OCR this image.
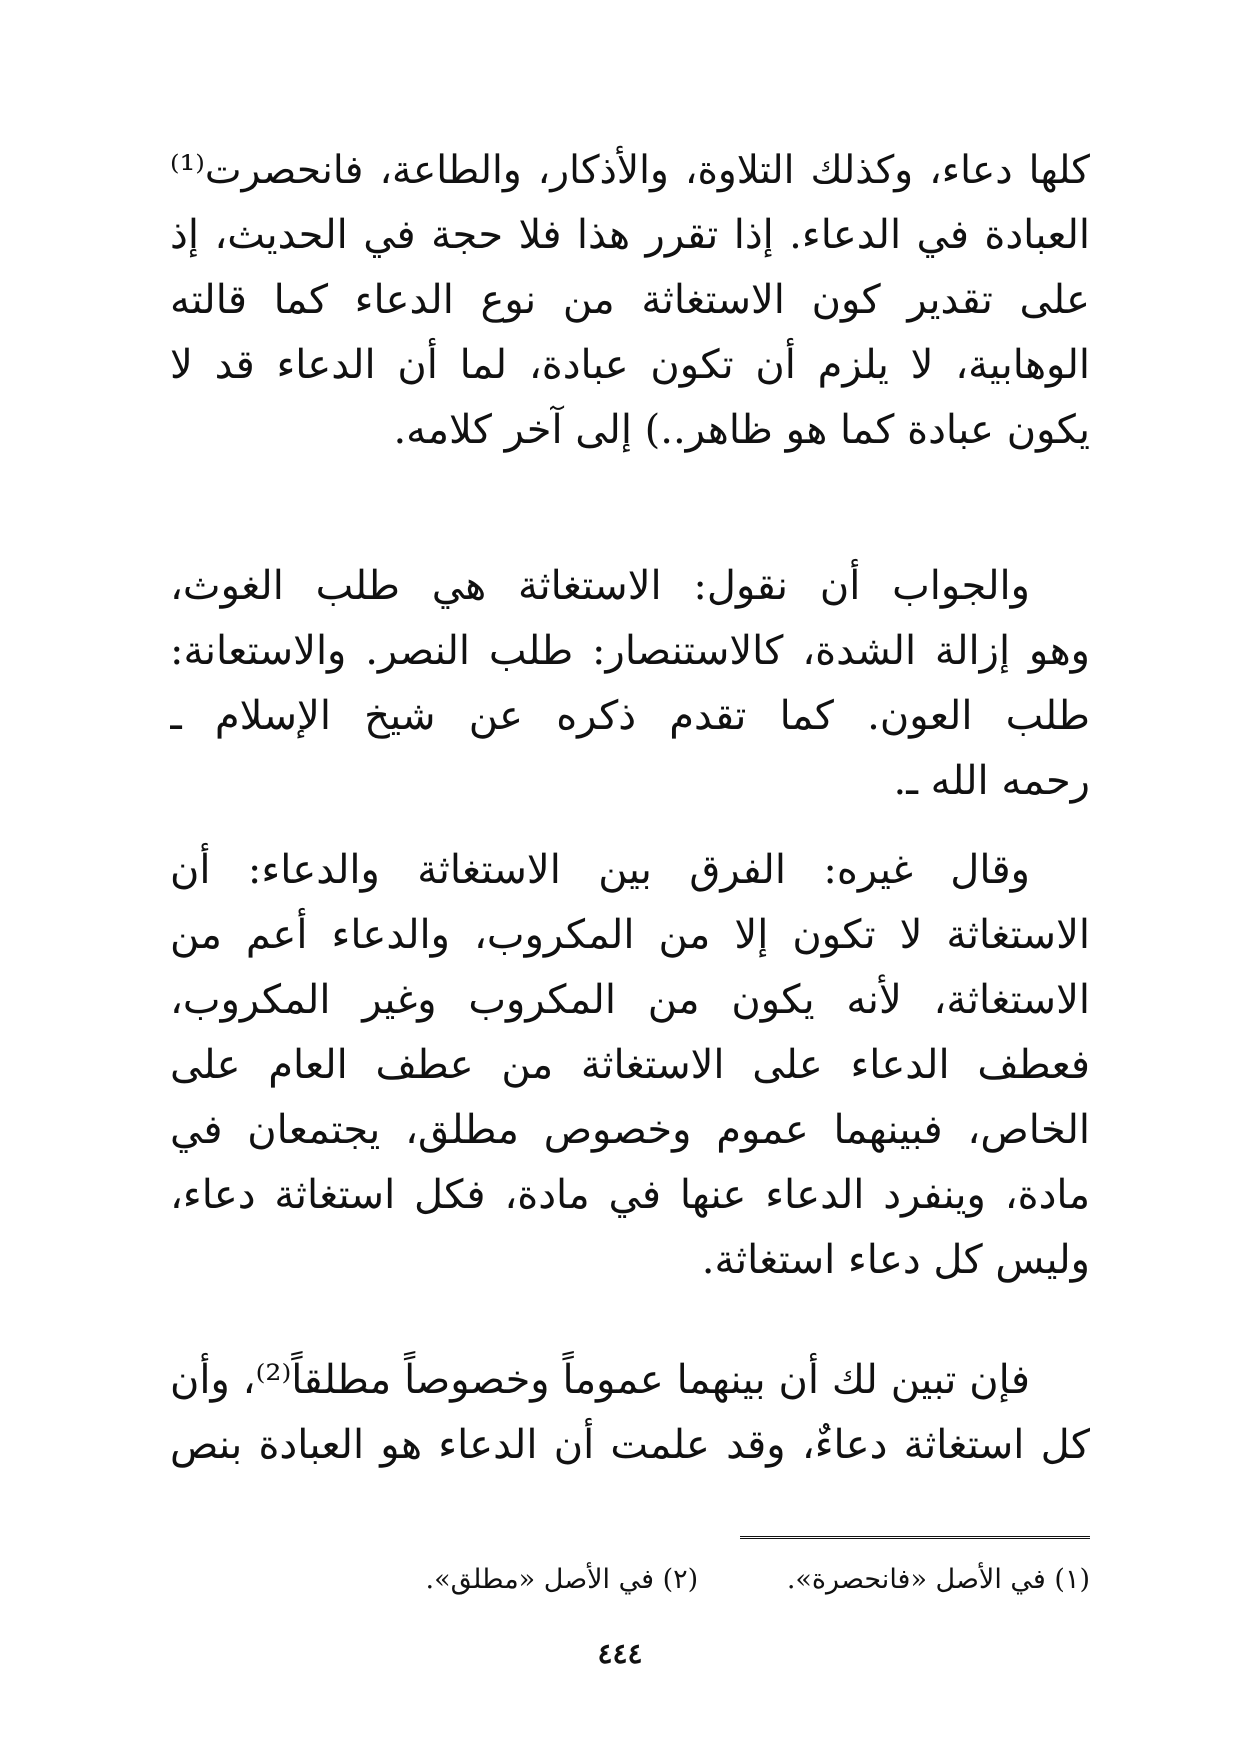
كلها دعاء، وكذلك التلاوة، والأذكار، والطاعة، فانحصرت⁽¹⁾
العبادة في الدعاء. إذا تقرر هذا فلا حجة في الحديث، إذ
على تقدير كون الاستغاثة من نوع الدعاء كما قالته
الوهابية، لا يلزم أن تكون عبادة، لما أن الدعاء قد لا
يكون عبادة كما هو ظاهر..) إلى آخر كلامه.
والجواب أن نقول: الاستغاثة هي طلب الغوث،
وهو إزالة الشدة، كالاستنصار: طلب النصر. والاستعانة:
طلب العون. كما تقدم ذكره عن شيخ الإسلام ـ
رحمه الله ـ.
وقال غيره: الفرق بين الاستغاثة والدعاء: أن
الاستغاثة لا تكون إلا من المكروب، والدعاء أعم من
الاستغاثة، لأنه يكون من المكروب وغير المكروب،
فعطف الدعاء على الاستغاثة من عطف العام على
الخاص، فبينهما عموم وخصوص مطلق، يجتمعان في
مادة، وينفرد الدعاء عنها في مادة، فكل استغاثة دعاء،
وليس كل دعاء استغاثة.
فإن تبين لك أن بينهما عموماً وخصوصاً مطلقاً⁽²⁾، وأن
كل استغاثة دعاءٌ، وقد علمت أن الدعاء هو العبادة بنص
(١) في الأصل «فانحصرة». (٢) في الأصل «مطلق».
٤٤٤
